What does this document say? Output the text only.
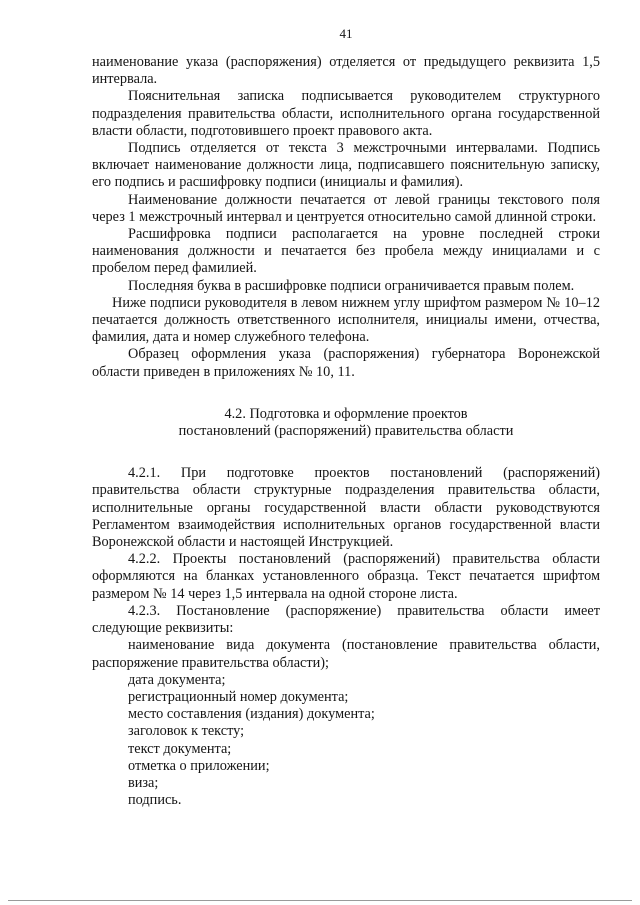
41

наименование указа (распоряжения) отделяется от предыдущего реквизита 1,5 интервала.

Пояснительная записка подписывается руководителем структурного подразделения правительства области, исполнительного органа государственной власти области, подготовившего проект правового акта.

Подпись отделяется от текста 3 межстрочными интервалами. Подпись включает наименование должности лица, подписавшего пояснительную записку, его подпись и расшифровку подписи (инициалы и фамилия).

Наименование должности печатается от левой границы текстового поля через 1 межстрочный интервал и центруется относительно самой длинной строки.

Расшифровка подписи располагается на уровне последней строки наименования должности и печатается без пробела между инициалами и с пробелом перед фамилией.

Последняя буква в расшифровке подписи ограничивается правым полем.

Ниже подписи руководителя в левом нижнем углу шрифтом размером № 10–12 печатается должность ответственного исполнителя, инициалы имени, отчества, фамилия, дата и номер служебного телефона.

Образец оформления указа (распоряжения) губернатора Воронежской области приведен в приложениях № 10, 11.

4.2. Подготовка и оформление проектов
постановлений (распоряжений) правительства области

4.2.1. При подготовке проектов постановлений (распоряжений) правительства области структурные подразделения правительства области, исполнительные органы государственной власти области руководствуются Регламентом взаимодействия исполнительных органов государственной власти Воронежской области и настоящей Инструкцией.

4.2.2. Проекты постановлений (распоряжений) правительства области оформляются на бланках установленного образца. Текст печатается шрифтом размером № 14 через 1,5 интервала на одной стороне листа.

4.2.3. Постановление (распоряжение) правительства области имеет следующие реквизиты:

наименование вида документа (постановление правительства области, распоряжение правительства области);

дата документа;

регистрационный номер документа;

место составления (издания) документа;

заголовок к тексту;

текст документа;

отметка о приложении;

виза;

подпись.
